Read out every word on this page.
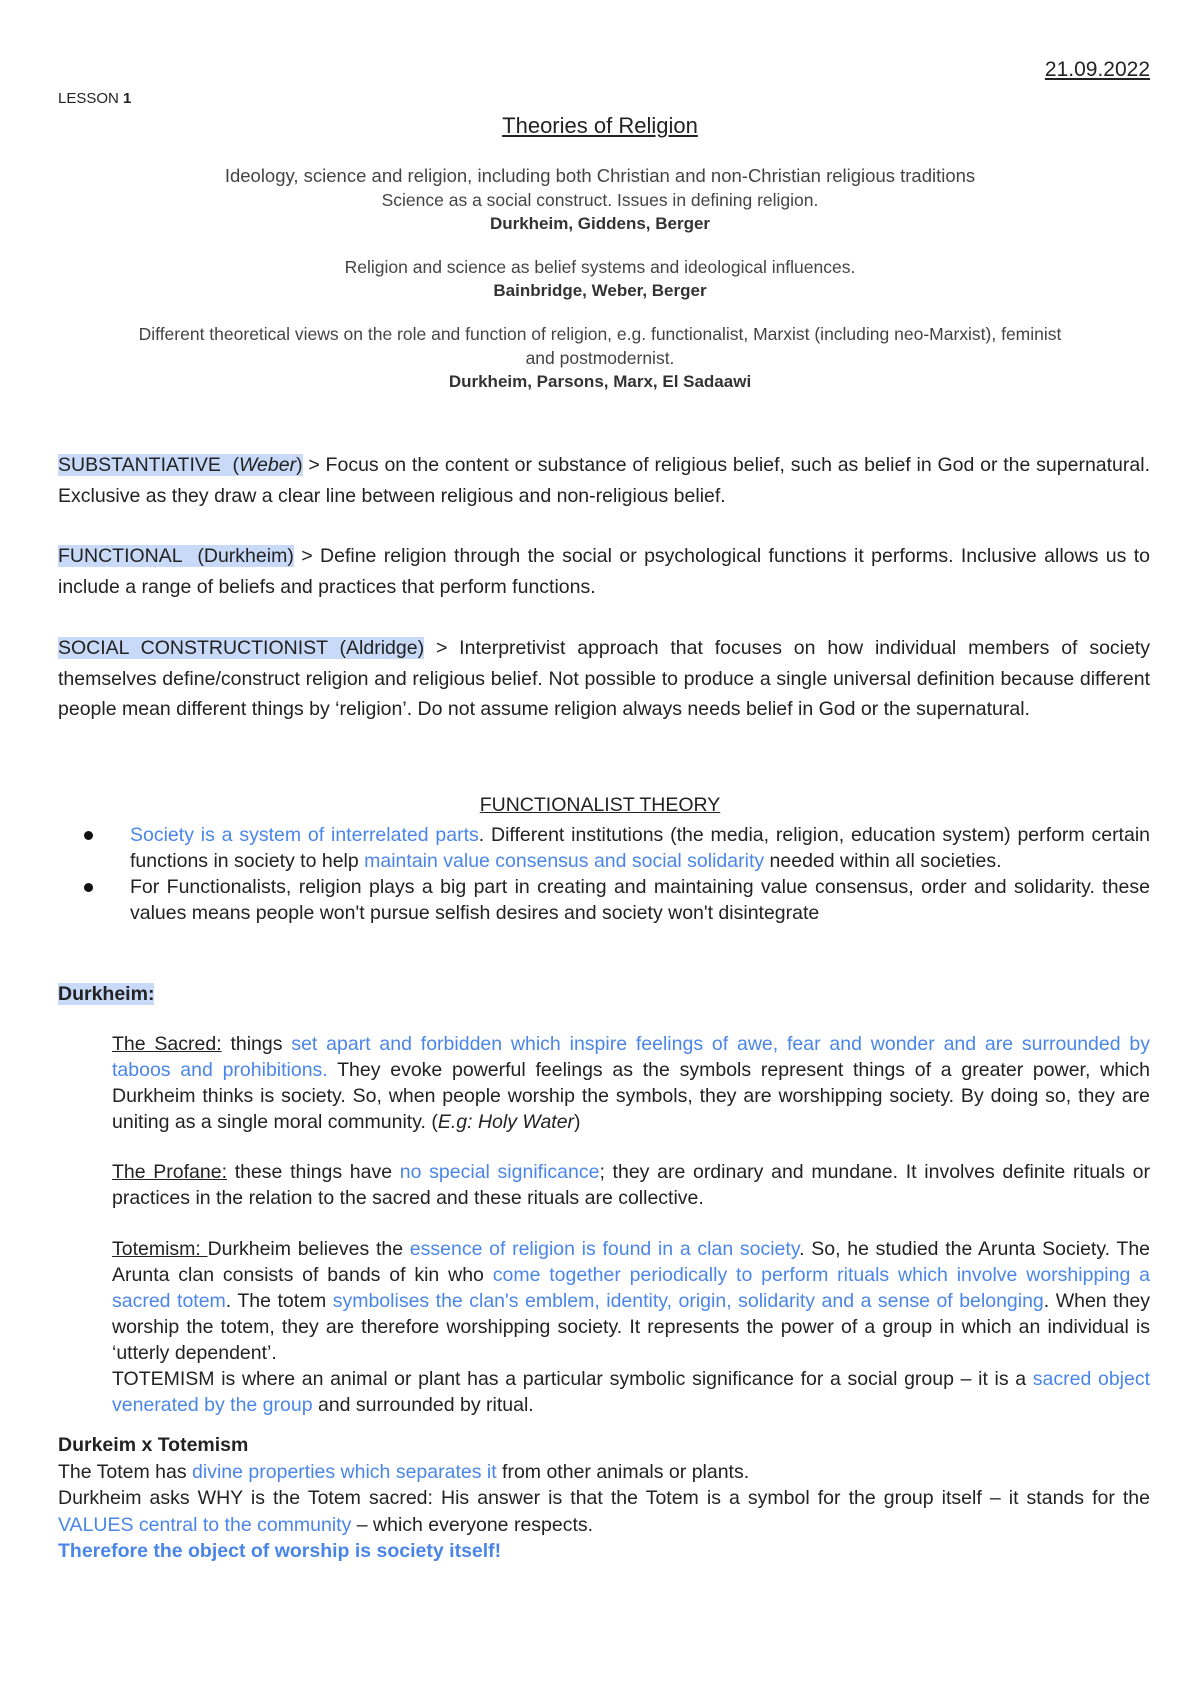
21.09.2022
LESSON 1
Theories of Religion
Ideology, science and religion, including both Christian and non-Christian religious traditions
Science as a social construct. Issues in defining religion.
Durkheim, Giddens, Berger
Religion and science as belief systems and ideological influences.
Bainbridge, Weber, Berger
Different theoretical views on the role and function of religion, e.g. functionalist, Marxist (including neo-Marxist), feminist
and postmodernist.
Durkheim, Parsons, Marx, El Sadaawi
SUBSTANTIATIVE  (Weber) > Focus on the content or substance of religious belief, such as belief in God or the supernatural. Exclusive as they draw a clear line between religious and non-religious belief.
FUNCTIONAL (Durkheim) > Define religion through the social or psychological functions it performs. Inclusive allows us to include a range of beliefs and practices that perform functions.
SOCIAL CONSTRUCTIONIST (Aldridge) > Interpretivist approach that focuses on how individual members of society themselves define/construct religion and religious belief. Not possible to produce a single universal definition because different people mean different things by ‘religion’. Do not assume religion always needs belief in God or the supernatural.
FUNCTIONALIST THEORY
Society is a system of interrelated parts. Different institutions (the media, religion, education system) perform certain functions in society to help maintain value consensus and social solidarity needed within all societies.
For Functionalists, religion plays a big part in creating and maintaining value consensus, order and solidarity. these values means people won't pursue selfish desires and society won't disintegrate
Durkheim:
The Sacred: things set apart and forbidden which inspire feelings of awe, fear and wonder and are surrounded by taboos and prohibitions. They evoke powerful feelings as the symbols represent things of a greater power, which Durkheim thinks is society. So, when people worship the symbols, they are worshipping society. By doing so, they are uniting as a single moral community. (E.g: Holy Water)
The Profane: these things have no special significance; they are ordinary and mundane. It involves definite rituals or practices in the relation to the sacred and these rituals are collective.
Totemism: Durkheim believes the essence of religion is found in a clan society. So, he studied the Arunta Society. The Arunta clan consists of bands of kin who come together periodically to perform rituals which involve worshipping a sacred totem. The totem symbolises the clan's emblem, identity, origin, solidarity and a sense of belonging. When they worship the totem, they are therefore worshipping society. It represents the power of a group in which an individual is ‘utterly dependent’.
TOTEMISM is where an animal or plant has a particular symbolic significance for a social group – it is a sacred object venerated by the group and surrounded by ritual.
Durkeim x Totemism
The Totem has divine properties which separates it from other animals or plants.
Durkheim asks WHY is the Totem sacred: His answer is that the Totem is a symbol for the group itself – it stands for the VALUES central to the community – which everyone respects.
Therefore the object of worship is society itself!
